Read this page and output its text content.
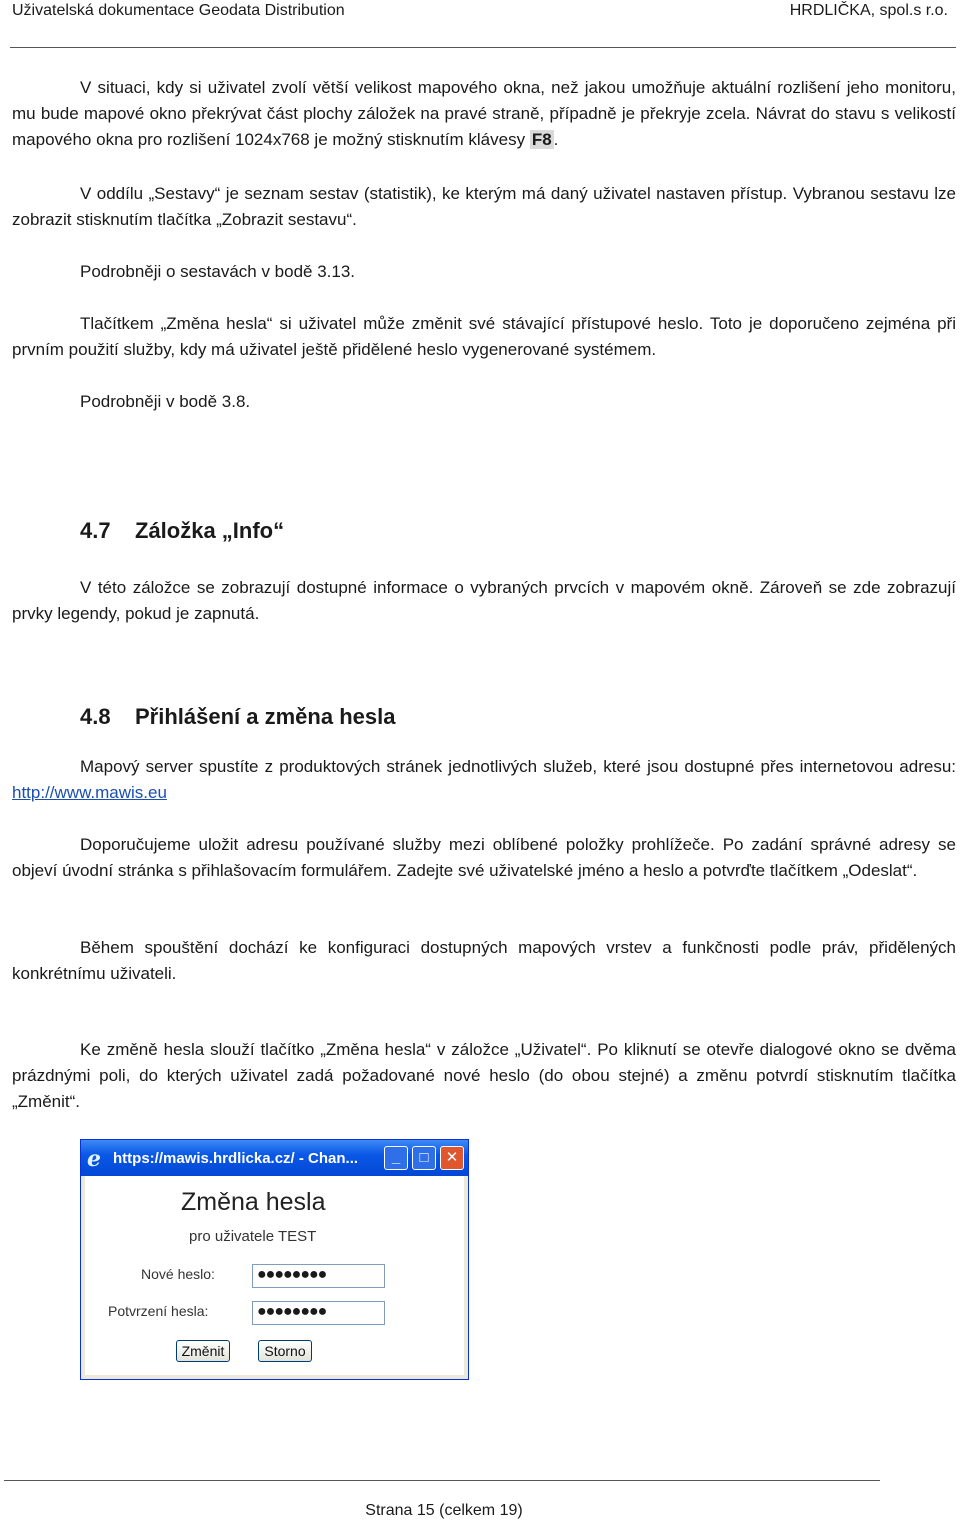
Uživatelská dokumentace Geodata Distribution	HRDLIČKA, spol.s r.o.

V situaci, kdy si uživatel zvolí větší velikost mapového okna, než jakou umožňuje aktuální rozlišení jeho monitoru, mu bude mapové okno překrývat část plochy záložek na pravé straně, případně je překryje zcela. Návrat do stavu s velikostí mapového okna pro rozlišení 1024x768 je možný stisknutím klávesy F8 .

V oddílu „Sestavy“ je seznam sestav (statistik), ke kterým má daný uživatel nastaven přístup. Vybranou sestavu lze zobrazit stisknutím tlačítka „Zobrazit sestavu“.

Podrobněji o sestavách v bodě 3.13.

Tlačítkem „Změna hesla“ si uživatel může změnit své stávající přístupové heslo. Toto je doporučeno zejména při prvním použití služby, kdy má uživatel ještě přidělené heslo vygenerované systémem.

Podrobněji v bodě 3.8.

4.7 Záložka „Info“

V této záložce se zobrazují dostupné informace o vybraných prvcích v mapovém okně. Zároveň se zde zobrazují prvky legendy, pokud je zapnutá.

4.8 Přihlášení a změna hesla

Mapový server spustíte z produktových stránek jednotlivých služeb, které jsou dostupné přes internetovou adresu: http://www.mawis.eu

Doporučujeme uložit adresu používané služby mezi oblíbené položky prohlížeče. Po zadání správné adresy se objeví úvodní stránka s přihlašovacím formulářem. Zadejte své uživatelské jméno a heslo a potvrďte tlačítkem „Odeslat“.

Během spouštění dochází ke konfiguraci dostupných mapových vrstev a funkčnosti podle práv, přidělených konkrétnímu uživateli.

Ke změně hesla slouží tlačítko „Změna hesla“ v záložce „Uživatel“. Po kliknutí se otevře dialogové okno se dvěma prázdnými poli, do kterých uživatel zadá požadované nové heslo (do obou stejné) a změnu potvrdí stisknutím tlačítka „Změnit“.

e https://mawis.hrdlicka.cz/ - Chan...	_	□	✕
Změna hesla
pro uživatele TEST
Nové heslo:	●●●●●●●●
Potvrzení hesla:	●●●●●●●●
Změnit	Storno
Strana 15 (celkem 19)
